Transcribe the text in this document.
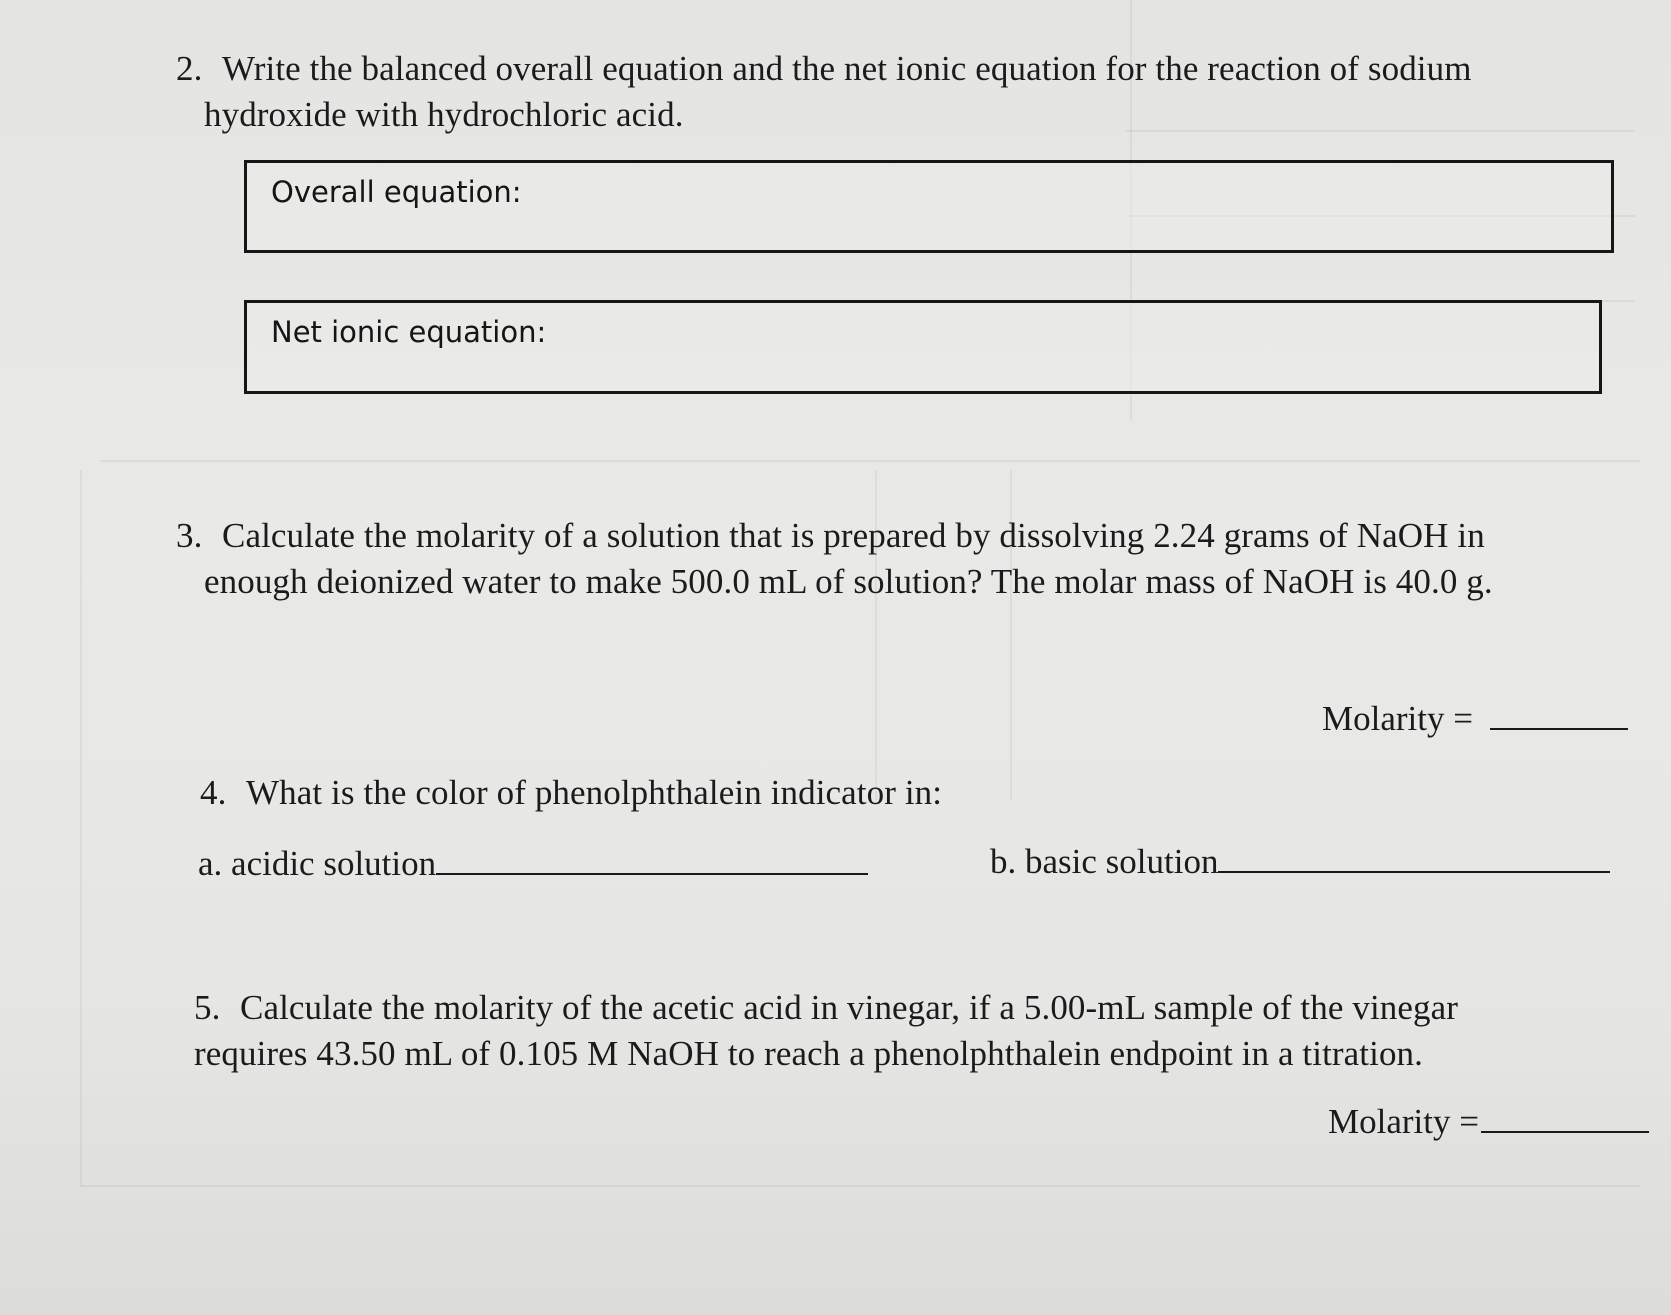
2. Write the balanced overall equation and the net ionic equation for the reaction of sodium
hydroxide with hydrochloric acid.
Overall equation:
Net ionic equation:
3. Calculate the molarity of a solution that is prepared by dissolving 2.24 grams of NaOH in
enough deionized water to make 500.0 mL of solution? The molar mass of NaOH is 40.0 g.
Molarity =
4. What is the color of phenolphthalein indicator in:
a. acidic solution	b. basic solution
5. Calculate the molarity of the acetic acid in vinegar, if a 5.00-mL sample of the vinegar
requires 43.50 mL of 0.105 M NaOH to reach a phenolphthalein endpoint in a titration.
Molarity =
